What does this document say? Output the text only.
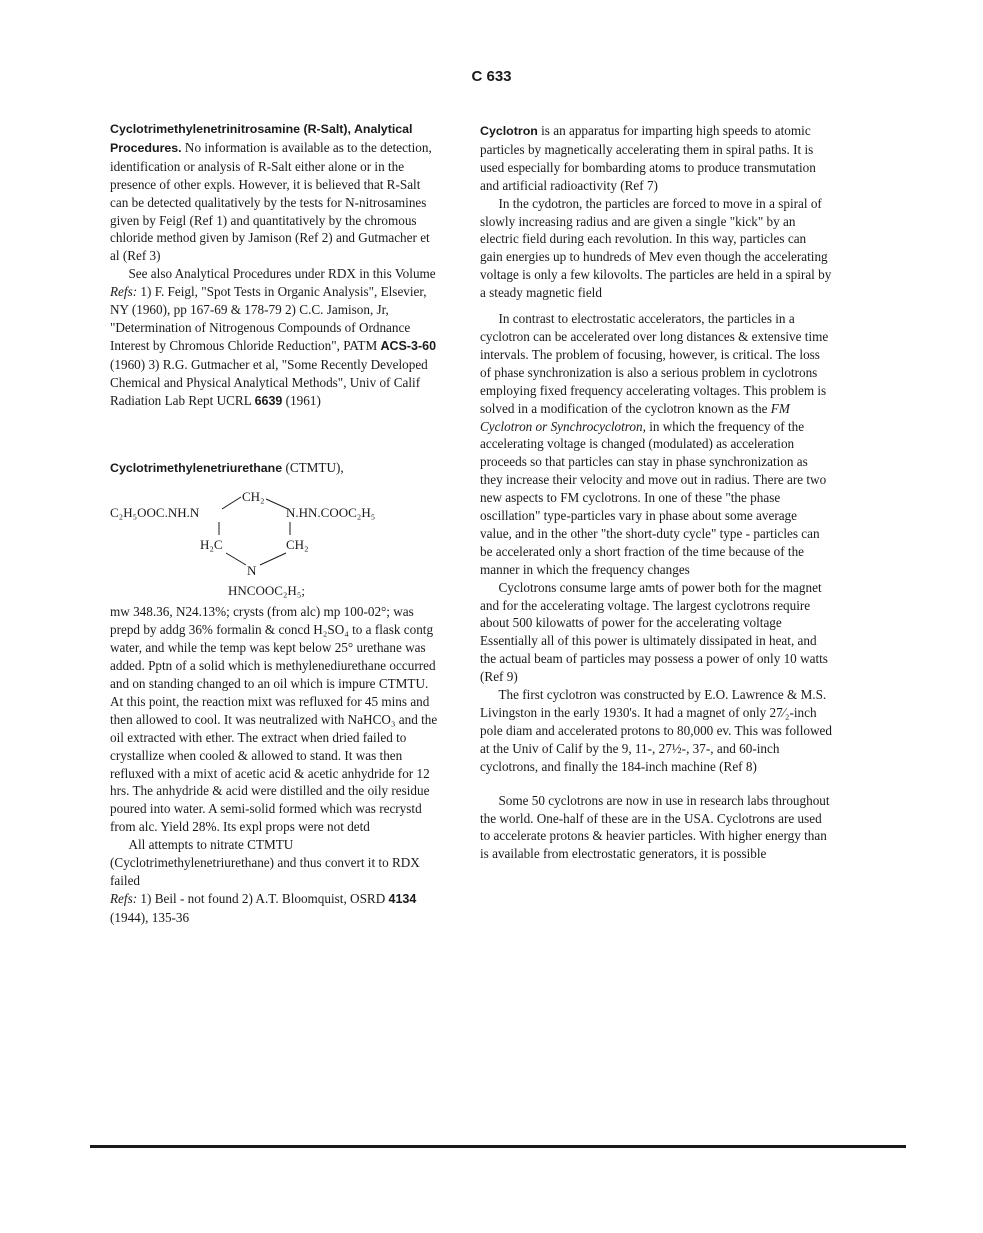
C 633

Cyclotrimethylenetrinitrosamine (R-Salt), Analytical Procedures. No information is available as to the detection, identification or analysis of R-Salt either alone or in the presence of other expls. However, it is believed that R-Salt can be detected qualitatively by the tests for N-nitrosamines given by Feigl (Ref 1) and quantitatively by the chromous chloride method given by Jamison (Ref 2) and Gutmacher et al (Ref 3)

See also Analytical Procedures under RDX in this Volume

Refs: 1) F. Feigl, "Spot Tests in Organic Analysis", Elsevier, NY (1960), pp 167-69 & 178-79 2) C.C. Jamison, Jr, "Determination of Nitrogenous Compounds of Ordnance Interest by Chromous Chloride Reduction", PATM ACS-3-60 (1960) 3) R.G. Gutmacher et al, "Some Recently Developed Chemical and Physical Analytical Methods", Univ of Calif Radiation Lab Rept UCRL 6639 (1961)

Cyclotrimethylenetriurethane (CTMTU),

C₂H₅OOC.NH.N
CH₂
N.HN.COOC₂H₅
H₂C	CH₂
N
HNCOOC₂H₅;

mw 348.36, N24.13%; crysts (from alc) mp 100-02°; was prepd by addg 36% formalin & concd H₂SO₄ to a flask contg water, and while the temp was kept below 25° urethane was added. Pptn of a solid which is methylenediurethane occurred and on standing changed to an oil which is impure CTMTU. At this point, the reaction mixt was refluxed for 45 mins and then allowed to cool. It was neutralized with NaHCO₃ and the oil extracted with ether. The extract when dried failed to crystallize when cooled & allowed to stand. It was then refluxed with a mixt of acetic acid & acetic anhydride for 12 hrs. The anhydride & acid were distilled and the oily residue poured into water. A semi-solid formed which was recrystd from alc. Yield 28%. Its expl props were not detd

All attempts to nitrate CTMTU (Cyclotrimethylenetriurethane) and thus convert it to RDX failed

Refs: 1) Beil - not found 2) A.T. Bloomquist, OSRD 4134 (1944), 135-36

Cyclotron is an apparatus for imparting high speeds to atomic particles by magnetically accelerating them in spiral paths. It is used especially for bombarding atoms to produce transmutation and artificial radioactivity (Ref 7)

In the cydotron, the particles are forced to move in a spiral of slowly increasing radius and are given a single "kick" by an electric field during each revolution. In this way, particles can gain energies up to hundreds of Mev even though the accelerating voltage is only a few kilovolts. The particles are held in a spiral by a steady magnetic field

In contrast to electrostatic accelerators, the particles in a cyclotron can be accelerated over long distances & extensive time intervals. The problem of focusing, however, is critical. The loss of phase synchronization is also a serious problem in cyclotrons employing fixed frequency accelerating voltages. This problem is solved in a modification of the cyclotron known as the FM Cyclotron or Synchrocyclotron, in which the frequency of the accelerating voltage is changed (modulated) as acceleration proceeds so that particles can stay in phase synchronization as they increase their velocity and move out in radius. There are two new aspects to FM cyclotrons. In one of these "the phase oscillation" type-particles vary in phase about some average value, and in the other "the short-duty cycle" type - particles can be accelerated only a short fraction of the time because of the manner in which the frequency changes

Cyclotrons consume large amts of power both for the magnet and for the accelerating voltage. The largest cyclotrons require about 500 kilowatts of power for the accelerating voltage Essentially all of this power is ultimately dissipated in heat, and the actual beam of particles may possess a power of only 10 watts (Ref 9)

The first cyclotron was constructed by E.O. Lawrence & M.S. Livingston in the early 1930's. It had a magnet of only 27⁄₂-inch pole diam and accelerated protons to 80,000 ev. This was followed at the Univ of Calif by the 9, 11-, 27½-, 37-, and 60-inch cyclotrons, and finally the 184-inch machine (Ref 8)

Some 50 cyclotrons are now in use in research labs throughout the world. One-half of these are in the USA. Cyclotrons are used to accelerate protons & heavier particles. With higher energy than is available from electrostatic generators, it is possible
